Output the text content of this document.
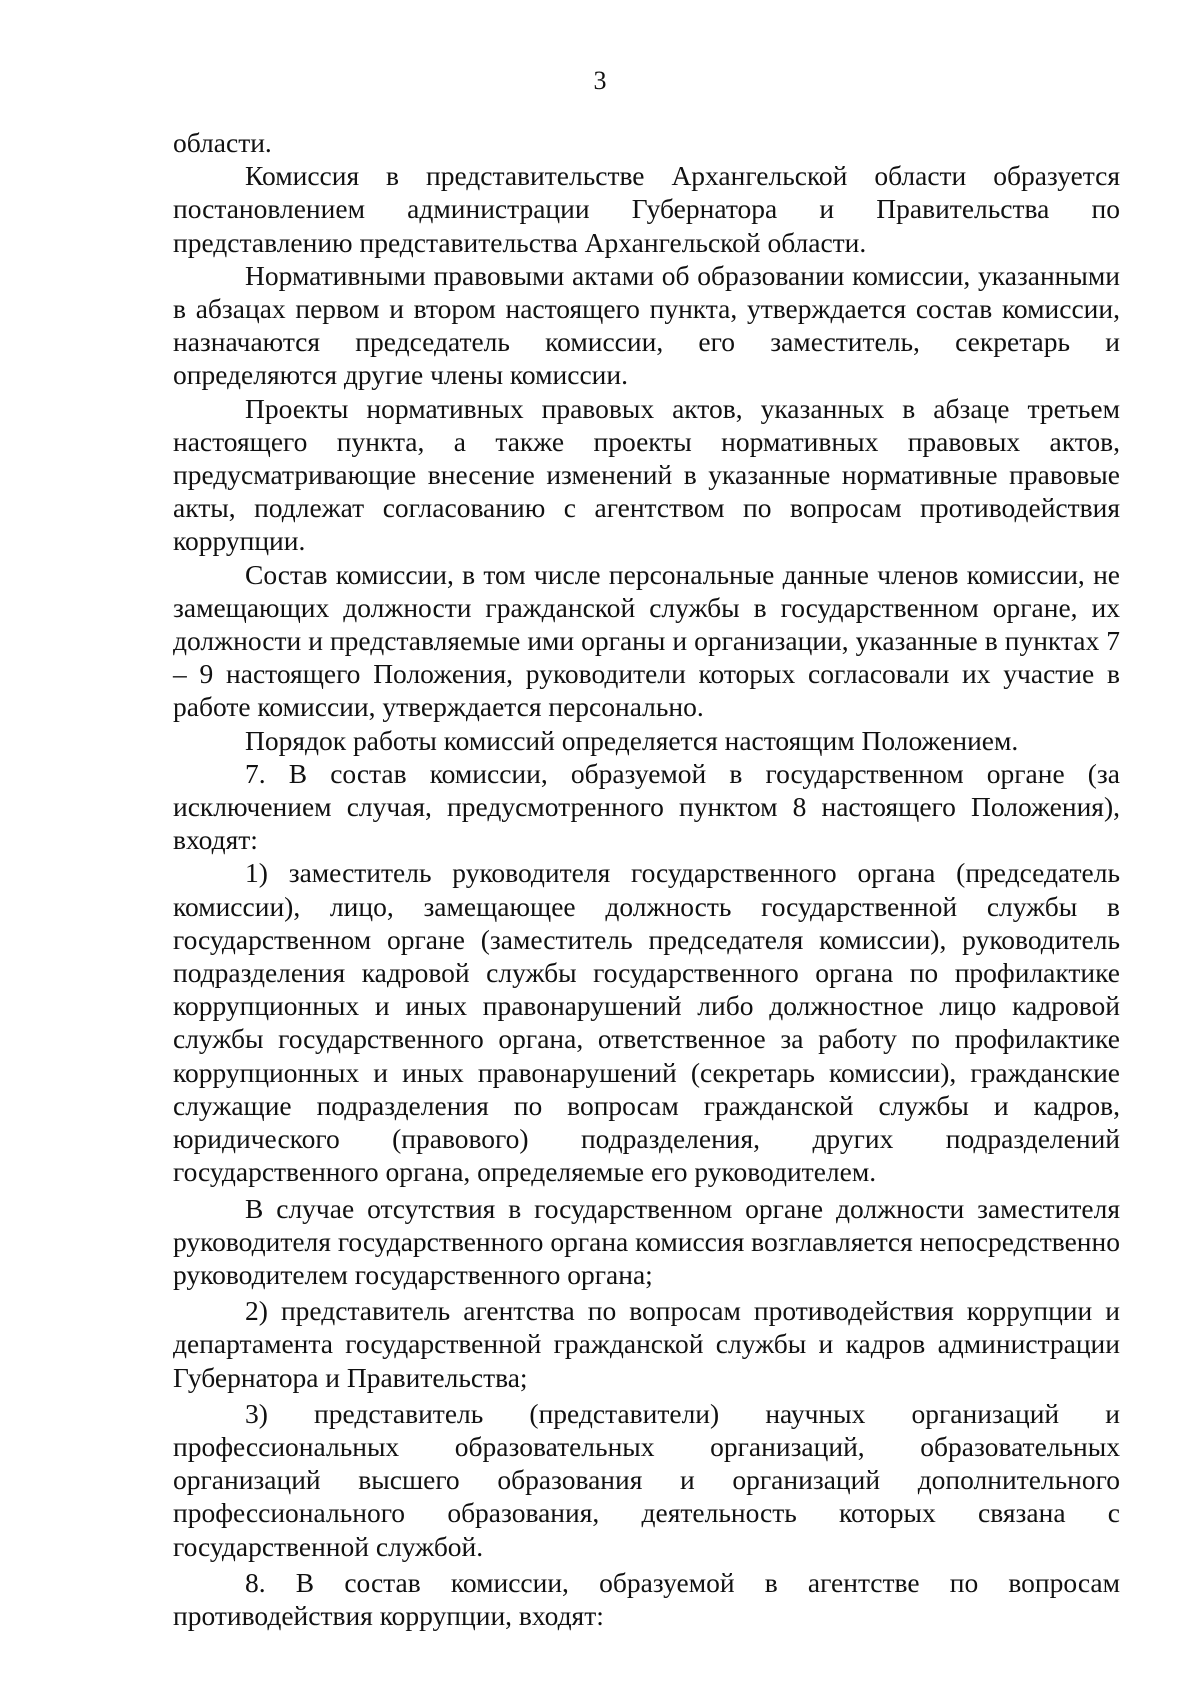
3

области.

Комиссия в представительстве Архангельской области образуется постановлением администрации Губернатора и Правительства по представлению представительства Архангельской области.

Нормативными правовыми актами об образовании комиссии, указанными в абзацах первом и втором настоящего пункта, утверждается состав комиссии, назначаются председатель комиссии, его заместитель, секретарь и определяются другие члены комиссии.

Проекты нормативных правовых актов, указанных в абзаце третьем настоящего пункта, а также проекты нормативных правовых актов, предусматривающие внесение изменений в указанные нормативные правовые акты, подлежат согласованию с агентством по вопросам противодействия коррупции.

Состав комиссии, в том числе персональные данные членов комиссии, не замещающих должности гражданской службы в государственном органе, их должности и представляемые ими органы и организации, указанные в пунктах 7 – 9 настоящего Положения, руководители которых согласовали их участие в работе комиссии, утверждается персонально.

Порядок работы комиссий определяется настоящим Положением.

7. В состав комиссии, образуемой в государственном органе (за исключением случая, предусмотренного пунктом 8 настоящего Положения), входят:

1) заместитель руководителя государственного органа (председатель комиссии), лицо, замещающее должность государственной службы в государственном органе (заместитель председателя комиссии), руководитель подразделения кадровой службы государственного органа по профилактике коррупционных и иных правонарушений либо должностное лицо кадровой службы государственного органа, ответственное за работу по профилактике коррупционных и иных правонарушений (секретарь комиссии), гражданские служащие подразделения по вопросам гражданской службы и кадров, юридического (правового) подразделения, других подразделений государственного органа, определяемые его руководителем.

В случае отсутствия в государственном органе должности заместителя руководителя государственного органа комиссия возглавляется непосредственно руководителем государственного органа;

2) представитель агентства по вопросам противодействия коррупции и департамента государственной гражданской службы и кадров администрации Губернатора и Правительства;

3) представитель (представители) научных организаций и профессиональных образовательных организаций, образовательных организаций высшего образования и организаций дополнительного профессионального образования, деятельность которых связана с государственной службой.

8. В состав комиссии, образуемой в агентстве по вопросам противодействия коррупции, входят:
